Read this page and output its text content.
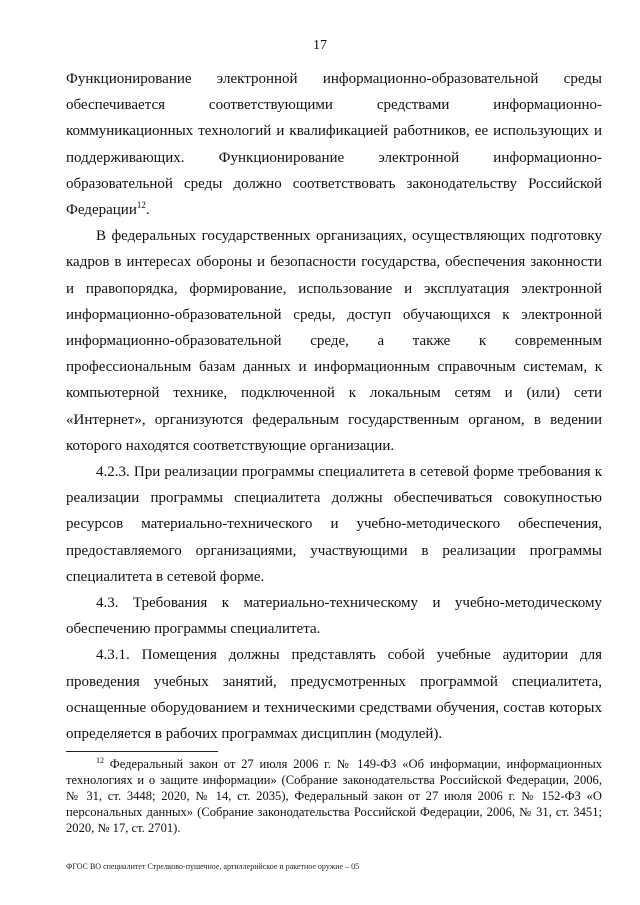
17

Функционирование электронной информационно-образовательной среды обеспечивается соответствующими средствами информационно-коммуникационных технологий и квалификацией работников, ее использующих и поддерживающих. Функционирование электронной информационно-образовательной среды должно соответствовать законодательству Российской Федерации$^{12}$.

В федеральных государственных организациях, осуществляющих подготовку кадров в интересах обороны и безопасности государства, обеспечения законности и правопорядка, формирование, использование и эксплуатация электронной информационно-образовательной среды, доступ обучающихся к электронной информационно-образовательной среде, а также к современным профессиональным базам данных и информационным справочным системам, к компьютерной технике, подключенной к локальным сетям и (или) сети «Интернет», организуются федеральным государственным органом, в ведении которого находятся соответствующие организации.

4.2.3. При реализации программы специалитета в сетевой форме требования к реализации программы специалитета должны обеспечиваться совокупностью ресурсов материально-технического и учебно-методического обеспечения, предоставляемого организациями, участвующими в реализации программы специалитета в сетевой форме.

4.3. Требования к материально-техническому и учебно-методическому обеспечению программы специалитета.

4.3.1. Помещения должны представлять собой учебные аудитории для проведения учебных занятий, предусмотренных программой специалитета, оснащенные оборудованием и техническими средствами обучения, состав которых определяется в рабочих программах дисциплин (модулей).

$^{12}$ Федеральный закон от 27 июля 2006 г. № 149-ФЗ «Об информации, информационных технологиях и о защите информации» (Собрание законодательства Российской Федерации, 2006, № 31, ст. 3448; 2020, № 14, ст. 2035), Федеральный закон от 27 июля 2006 г. № 152-ФЗ «О персональных данных» (Собрание законодательства Российской Федерации, 2006, № 31, ст. 3451; 2020, № 17, ст. 2701).

ФГОС ВО специалитет Стрелково-пушечное, артиллерийское и ракетное оружие – 05
